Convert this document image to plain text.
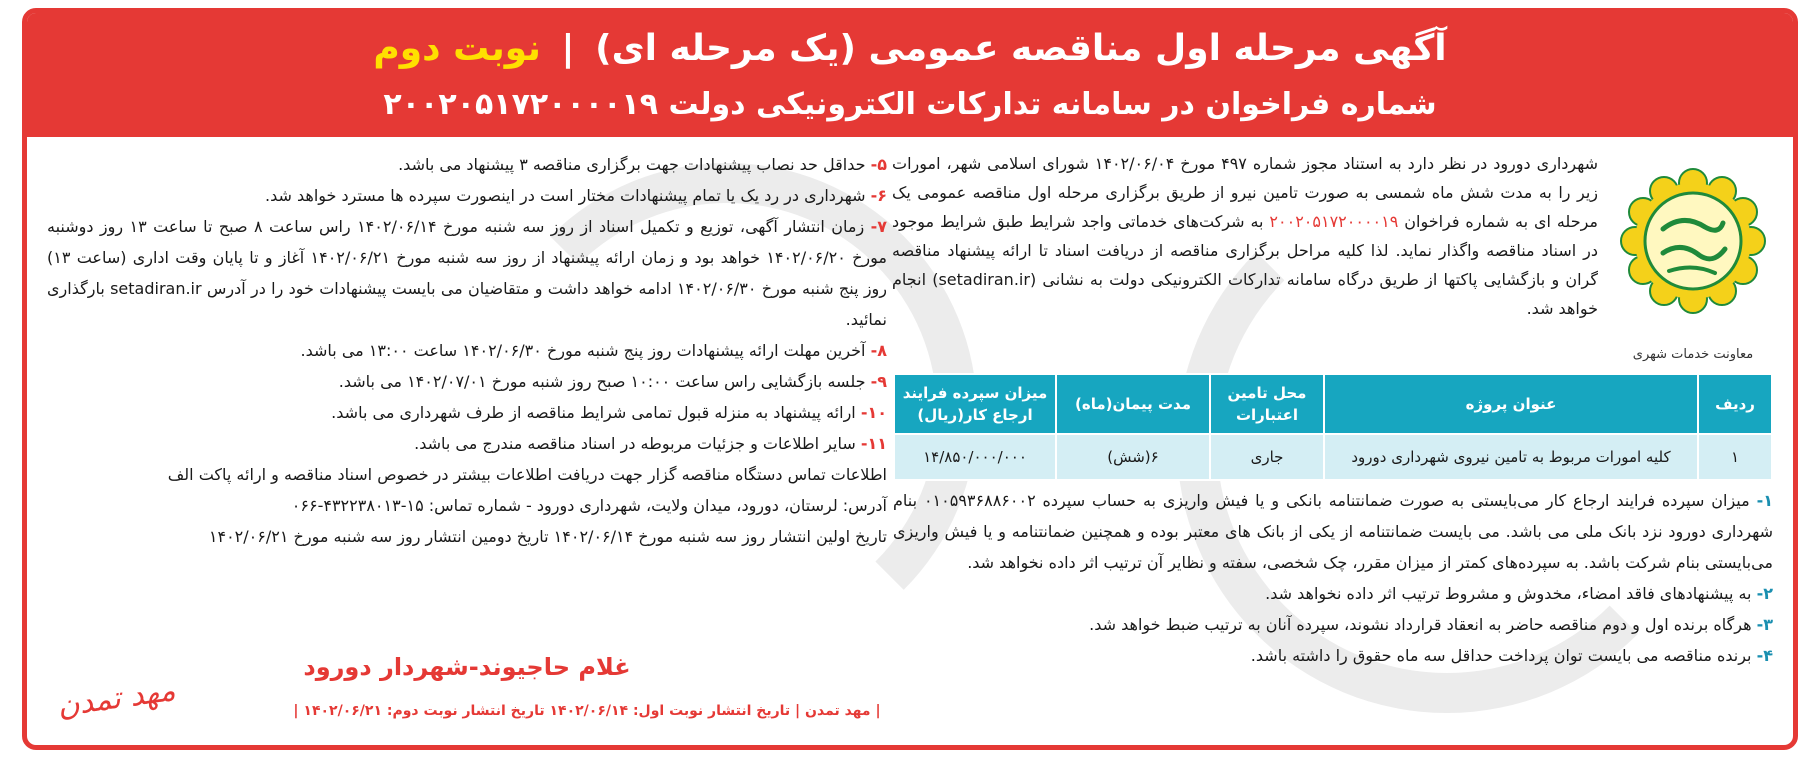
آگهی مرحله اول مناقصه عمومی (یک مرحله ای) | نوبت دوم
شماره فراخوان در سامانه تدارکات الکترونیکی دولت ۲۰۰۲۰۵۱۷۲۰۰۰۰۱۹
معاونت خدمات شهری
شهرداری دورود در نظر دارد به استناد مجوز شماره ۴۹۷ مورخ ۱۴۰۲/۰۶/۰۴ شورای اسلامی شهر، امورات زیر را به مدت شش ماه شمسی به صورت تامین نیرو از طریق برگزاری مرحله اول مناقصه عمومی یک مرحله ای به شماره فراخوان ۲۰۰۲۰۵۱۷۲۰۰۰۰۱۹ به شرکت‌های خدماتی واجد شرایط طبق شرایط موجود در اسناد مناقصه واگذار نماید. لذا کلیه مراحل برگزاری مناقصه از دریافت اسناد تا ارائه پیشنهاد مناقصه گران و بازگشایی پاکتها از طریق درگاه سامانه تدارکات الکترونیکی دولت به نشانی (setadiran.ir) انجام خواهد شد.
ردیف	عنوان پروژه	محل تامین اعتبارات	مدت پیمان(ماه)	میزان سپرده فرایند ارجاع کار(ریال)
۱	کلیه امورات مربوط به تامین نیروی شهرداری دورود	جاری	۶(شش)	۱۴/۸۵۰/۰۰۰/۰۰۰

۱- میزان سپرده فرایند ارجاع کار می‌بایستی به صورت ضمانتنامه بانکی و یا فیش واریزی به حساب سپرده ۰۱۰۵۹۳۶۸۸۶۰۰۲ بنام شهرداری دورود نزد بانک ملی می باشد. می بایست ضمانتنامه از یکی از بانک های معتبر بوده و همچنین ضمانتنامه و یا فیش واریزی می‌بایستی بنام شرکت باشد. به سپرده‌های کمتر از میزان مقرر، چک شخصی، سفته و نظایر آن ترتیب اثر داده نخواهد شد.

۲- به پیشنهادهای فاقد امضاء، مخدوش و مشروط ترتیب اثر داده نخواهد شد.

۳- هرگاه برنده اول و دوم مناقصه حاضر به انعقاد قرارداد نشوند، سپرده آنان به ترتیب ضبط خواهد شد.

۴- برنده مناقصه می بایست توان پرداخت حداقل سه ماه حقوق را داشته باشد.

۵- حداقل حد نصاب پیشنهادات جهت برگزاری مناقصه ۳ پیشنهاد می باشد.

۶- شهرداری در رد یک یا تمام پیشنهادات مختار است در اینصورت سپرده ها مسترد خواهد شد.

۷- زمان انتشار آگهی، توزیع و تکمیل اسناد از روز سه شنبه مورخ ۱۴۰۲/۰۶/۱۴ راس ساعت ۸ صبح تا ساعت ۱۳ روز دوشنبه مورخ ۱۴۰۲/۰۶/۲۰ خواهد بود و زمان ارائه پیشنهاد از روز سه شنبه مورخ ۱۴۰۲/۰۶/۲۱ آغاز و تا پایان وقت اداری (ساعت ۱۳) روز پنج شنبه مورخ ۱۴۰۲/۰۶/۳۰ ادامه خواهد داشت و متقاضیان می بایست پیشنهادات خود را در آدرس setadiran.ir بارگذاری نمائید.

۸- آخرین مهلت ارائه پیشنهادات روز پنج شنبه مورخ ۱۴۰۲/۰۶/۳۰ ساعت ۱۳:۰۰ می باشد.

۹- جلسه بازگشایی راس ساعت ۱۰:۰۰ صبح روز شنبه مورخ ۱۴۰۲/۰۷/۰۱ می باشد.

۱۰- ارائه پیشنهاد به منزله قبول تمامی شرایط مناقصه از طرف شهرداری می باشد.

۱۱- سایر اطلاعات و جزئیات مربوطه در اسناد مناقصه مندرج می باشد.

اطلاعات تماس دستگاه مناقصه گزار جهت دریافت اطلاعات بیشتر در خصوص اسناد مناقصه و ارائه پاکت الف

آدرس: لرستان، دورود، میدان ولایت، شهرداری دورود - شماره تماس: ۱۵-۴۳۲۲۳۸۰۱۳-۰۶۶

تاریخ اولین انتشار روز سه شنبه مورخ ۱۴۰۲/۰۶/۱۴ تاریخ دومین انتشار روز سه شنبه مورخ ۱۴۰۲/۰۶/۲۱

غلام حاجیوند-شهردار دورود
| مهد تمدن | تاریخ انتشار نوبت اول: ۱۴۰۲/۰۶/۱۴ تاریخ انتشار نوبت دوم: ۱۴۰۲/۰۶/۲۱ |
مهد تمدن
